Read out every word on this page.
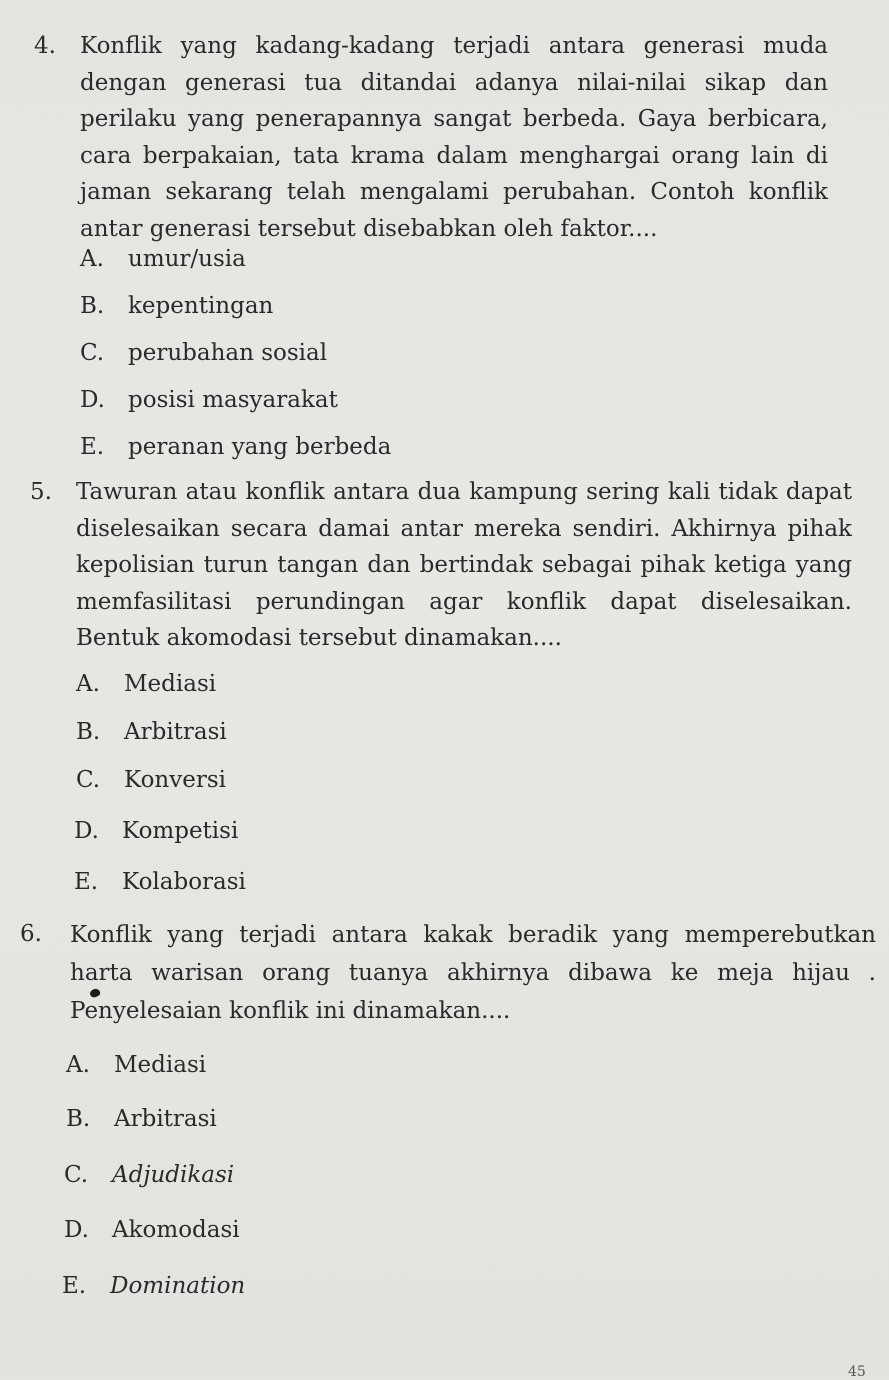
4. Konflik yang kadang-kadang terjadi antara generasi muda dengan generasi tua ditandai adanya nilai-nilai sikap dan perilaku yang penerapannya sangat berbeda. Gaya berbicara, cara berpakaian, tata krama dalam menghargai orang lain di jaman sekarang telah mengalami perubahan. Contoh konflik antar generasi tersebut disebabkan oleh faktor....
A. umur/usia
B. kepentingan
C. perubahan sosial
D. posisi masyarakat
E. peranan yang berbeda
5. Tawuran atau konflik antara dua kampung sering kali tidak dapat diselesaikan secara damai antar mereka sendiri. Akhirnya pihak kepolisian turun tangan dan bertindak sebagai pihak ketiga yang memfasilitasi perundingan agar konflik dapat diselesaikan. Bentuk akomodasi tersebut dinamakan....
A. Mediasi
B. Arbitrasi
C. Konversi
D. Kompetisi
E. Kolaborasi
6. Konflik yang terjadi antara kakak beradik yang memperebutkan harta warisan orang tuanya akhirnya dibawa ke meja hijau . Penyelesaian konflik ini dinamakan....
A. Mediasi
B. Arbitrasi
C. Adjudikasi
D. Akomodasi
E. Domination
45
